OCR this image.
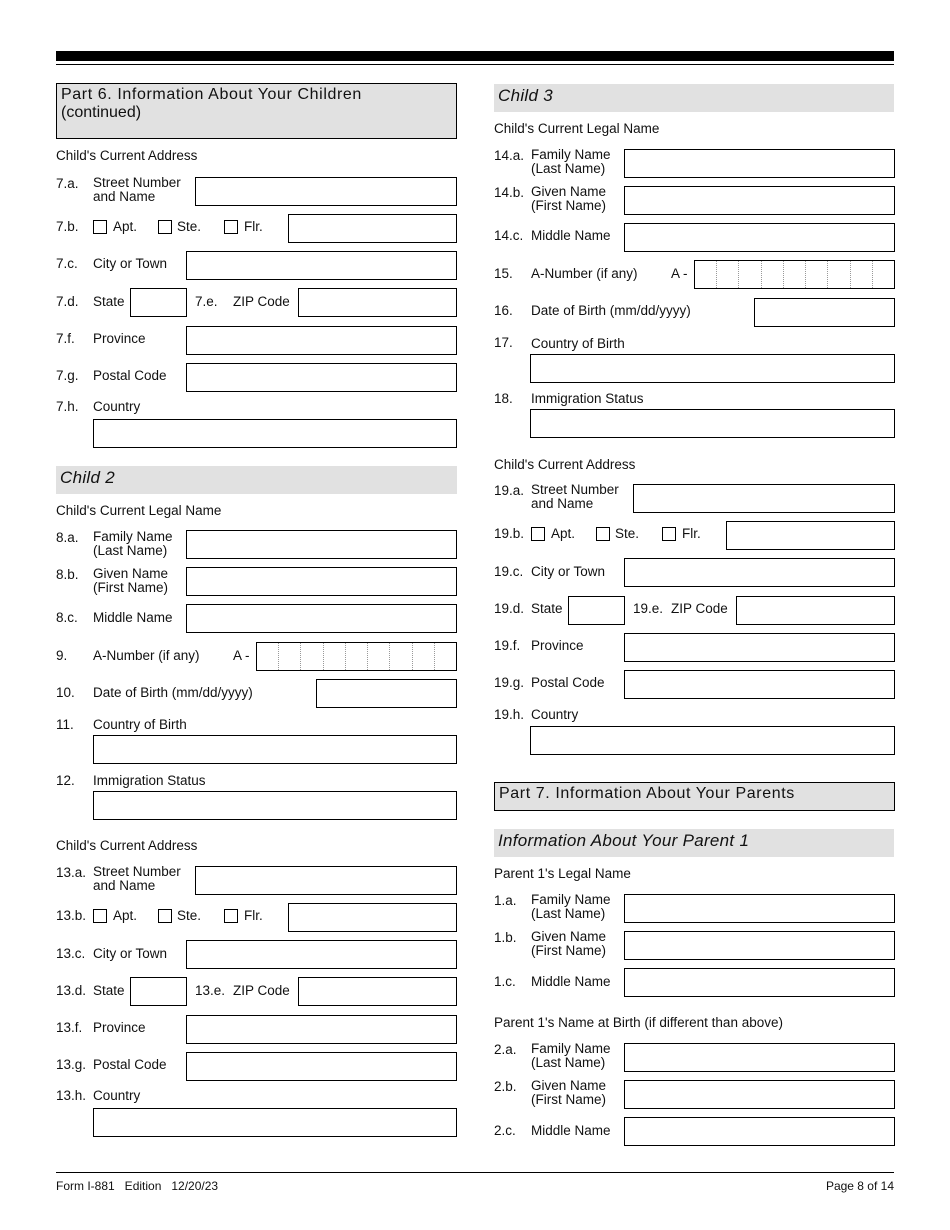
Part 6. Information About Your Children
(continued)
Child's Current Address
7.a. Street Number
and Name
7.b.	Apt.	Ste.	Flr.
7.c. City or Town
7.d. State	7.e. ZIP Code
7.f. Province
7.g. Postal Code
7.h. Country
Child 2
Child's Current Legal Name
8.a. Family Name
(Last Name)
8.b. Given Name
(First Name)
8.c. Middle Name
9. A-Number (if any) A -
10. Date of Birth (mm/dd/yyyy)
11. Country of Birth
12. Immigration Status
Child's Current Address
13.a. Street Number
and Name
13.b. Apt.	Ste.	Flr.
13.c. City or Town
13.d. State	13.e. ZIP Code
13.f. Province
13.g. Postal Code
13.h. Country
Child 3
Child's Current Legal Name
14.a. Family Name
(Last Name)
14.b. Given Name
(First Name)
14.c. Middle Name
15. A-Number (if any) A -
16. Date of Birth (mm/dd/yyyy)
17. Country of Birth
18. Immigration Status
Child's Current Address
19.a. Street Number
and Name
19.b. Apt.	Ste.	Flr.
19.c. City or Town
19.d. State	19.e. ZIP Code
19.f. Province
19.g. Postal Code
19.h. Country
Part 7. Information About Your Parents
Information About Your Parent 1
Parent 1's Legal Name
1.a. Family Name
(Last Name)
1.b. Given Name
(First Name)
1.c. Middle Name
Parent 1's Name at Birth (if different than above)
2.a. Family Name
(Last Name)
2.b. Given Name
(First Name)
2.c. Middle Name
Form I-881   Edition   12/20/23	Page 8 of 14
